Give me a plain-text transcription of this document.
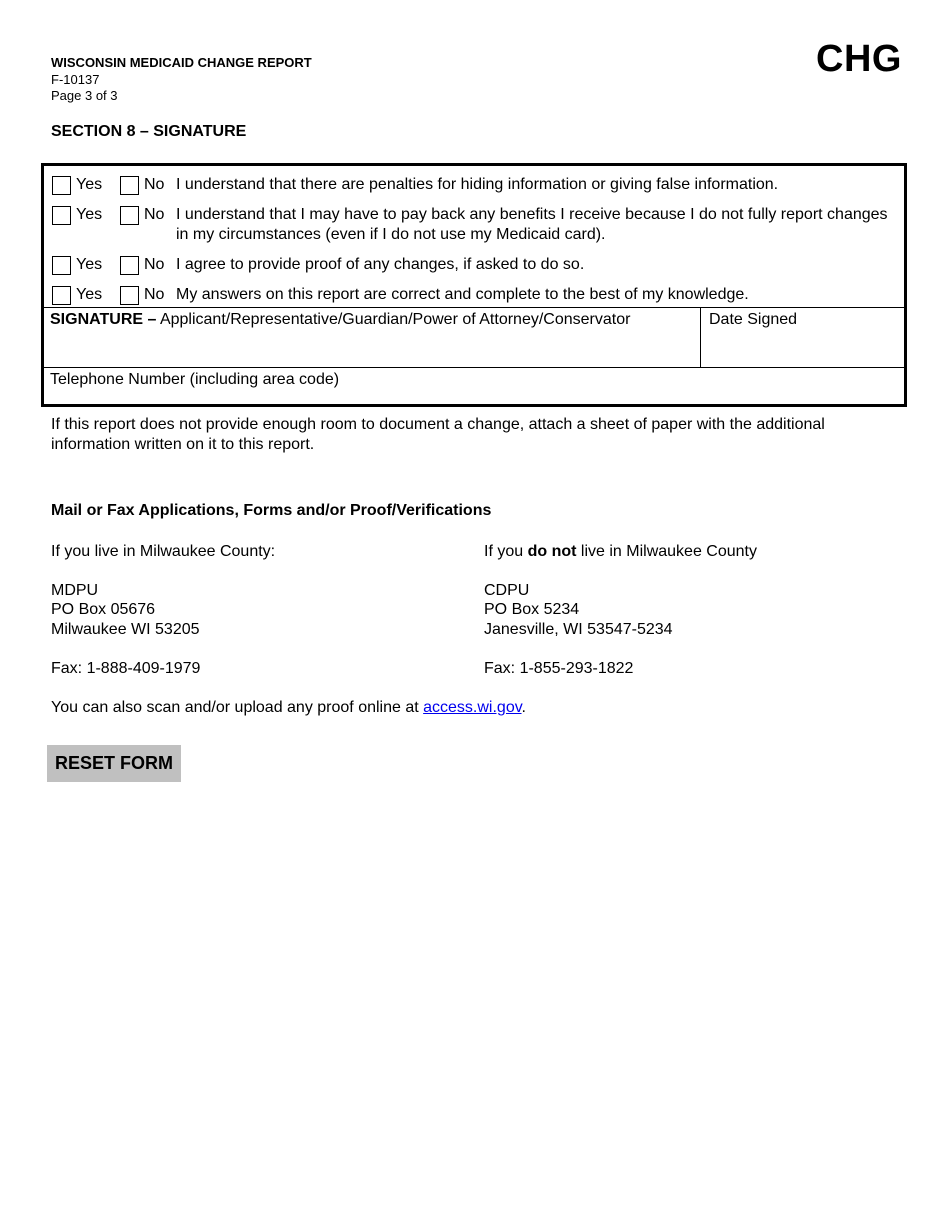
WISCONSIN MEDICAID CHANGE REPORT
F-10137
Page 3 of 3
CHG
SECTION 8 – SIGNATURE
Yes	No I understand that there are penalties for hiding information or giving false information.
Yes	No I understand that I may have to pay back any benefits I receive because I do not fully report changes in my circumstances (even if I do not use my Medicaid card).
Yes	No I agree to provide proof of any changes, if asked to do so.
Yes	No My answers on this report are correct and complete to the best of my knowledge.
SIGNATURE – Applicant/Representative/Guardian/Power of Attorney/Conservator	Date Signed
Telephone Number (including area code)
If this report does not provide enough room to document a change, attach a sheet of paper with the additional information written on it to this report.
Mail or Fax Applications, Forms and/or Proof/Verifications
If you live in Milwaukee County:
MDPU
PO Box 05676
Milwaukee WI 53205
Fax: 1-888-409-1979
If you do not live in Milwaukee County
CDPU
PO Box 5234
Janesville, WI 53547-5234
Fax: 1-855-293-1822
You can also scan and/or upload any proof online at access.wi.gov.
RESET FORM
